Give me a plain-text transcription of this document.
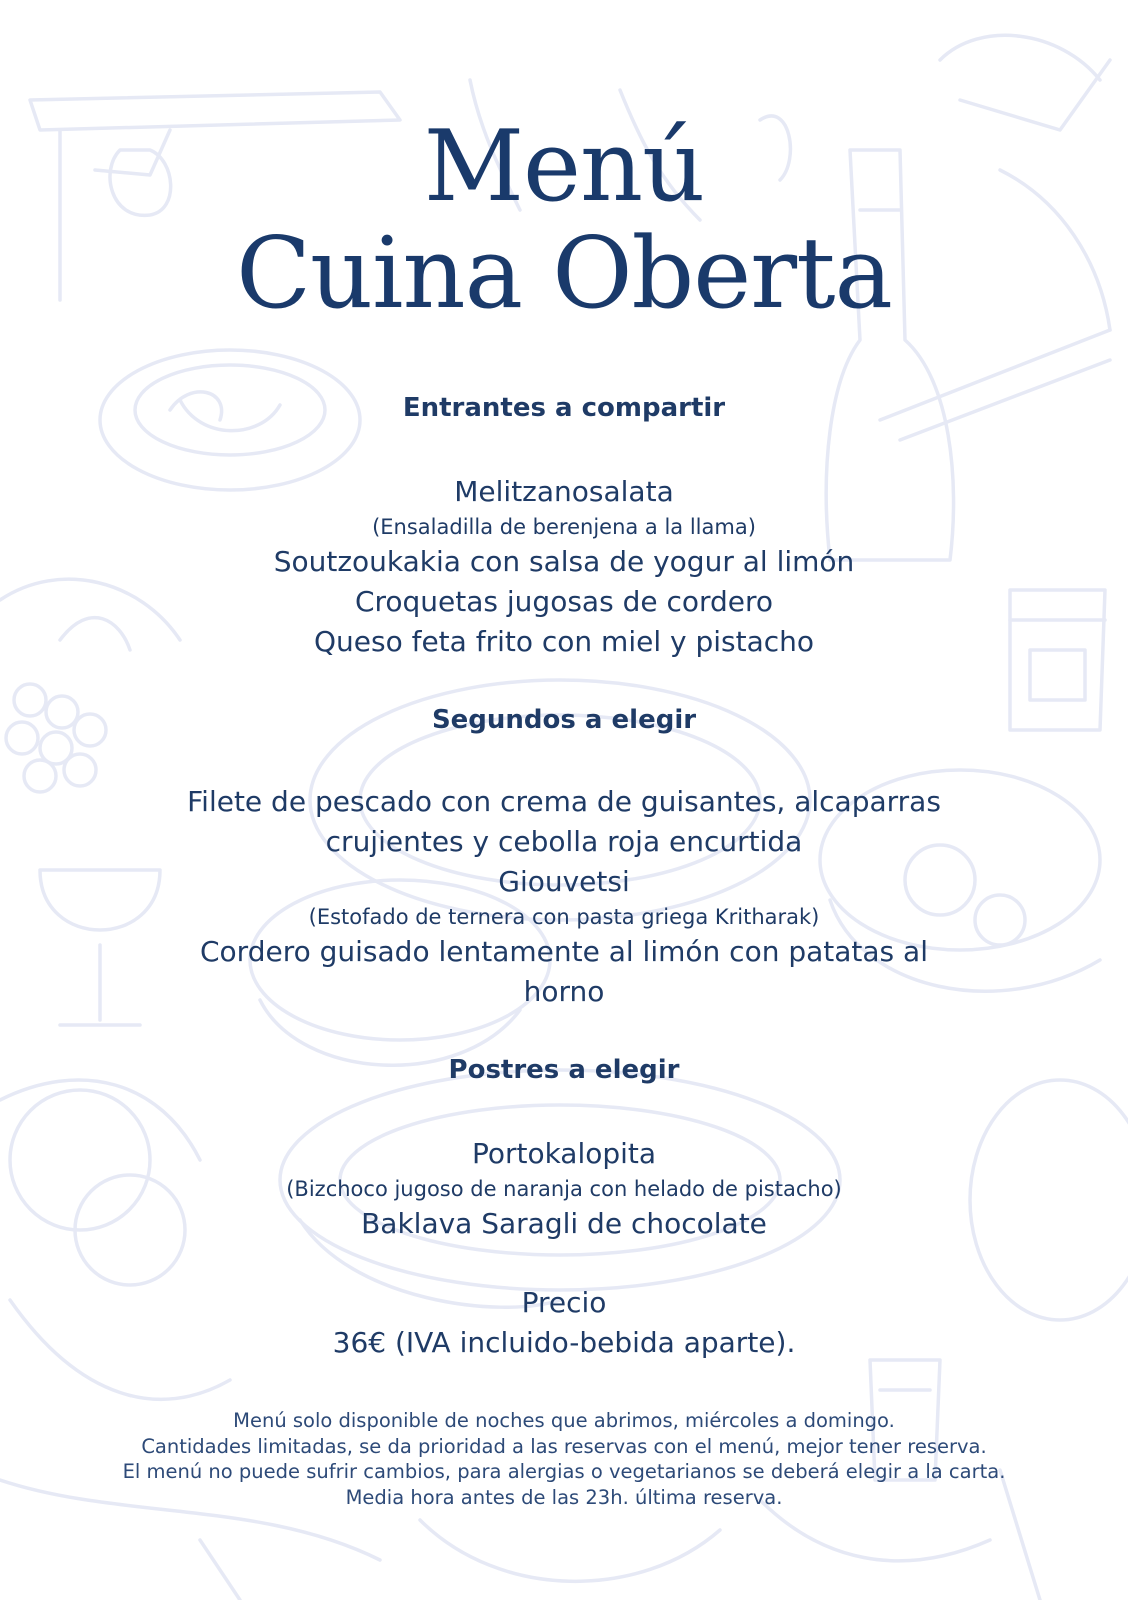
Menú
Cuina Oberta

Entrantes a compartir

Melitzanosalata

(Ensaladilla de berenjena a la llama)

Soutzoukakia con salsa de yogur al limón

Croquetas jugosas de cordero

Queso feta frito con miel y pistacho

Segundos a elegir

Filete de pescado con crema de guisantes, alcaparras

crujientes y cebolla roja encurtida

Giouvetsi

(Estofado de ternera con pasta griega Kritharak)

Cordero guisado lentamente al limón con patatas al

horno

Postres a elegir

Portokalopita

(Bizchoco jugoso de naranja con helado de pistacho)

Baklava Saragli de chocolate

Precio

36€ (IVA incluido-bebida aparte).

Menú solo disponible de noches que abrimos, miércoles a domingo.

Cantidades limitadas, se da prioridad a las reservas con el menú, mejor tener reserva.

El menú no puede sufrir cambios, para alergias o vegetarianos se deberá elegir a la carta.

Media hora antes de las 23h. última reserva.
